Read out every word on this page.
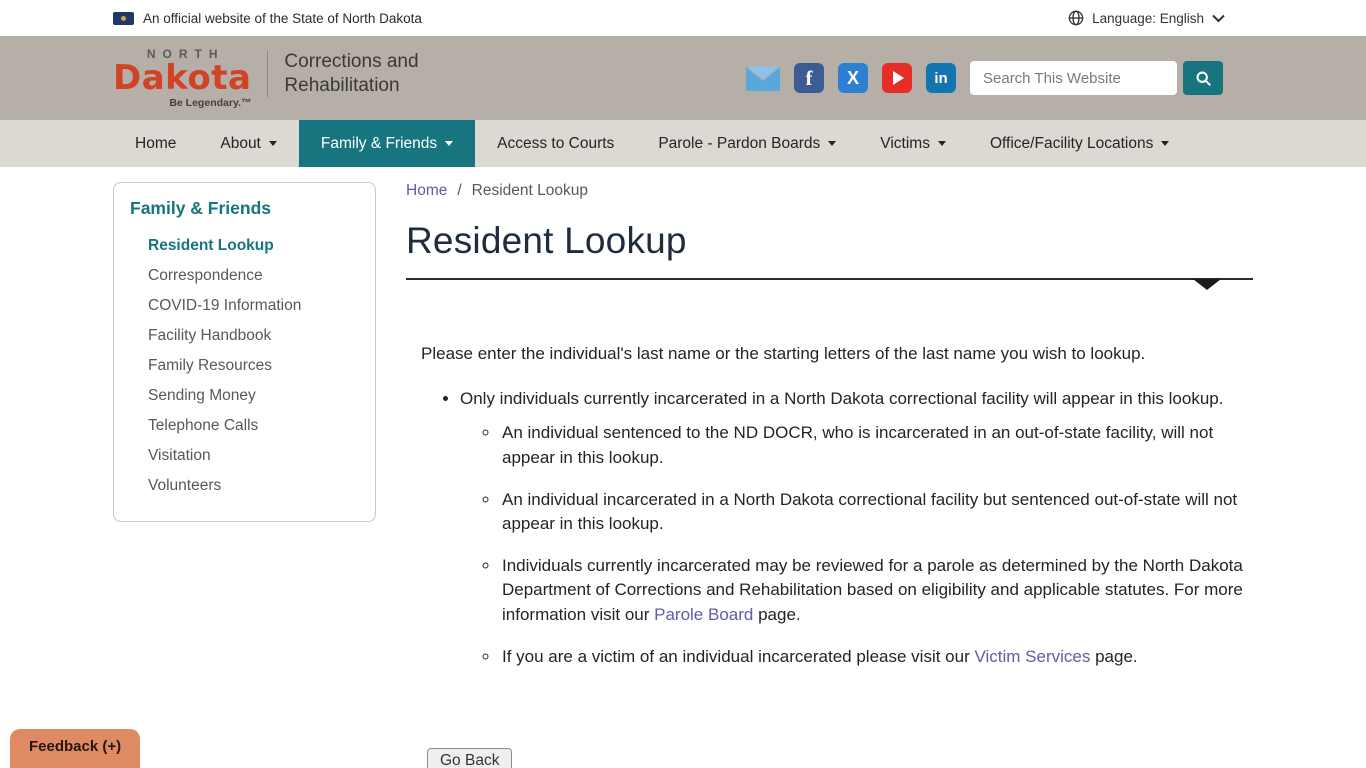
An official website of the State of North Dakota	Language: English
NORTH
Dakota
Be Legendary.™
Corrections and
Rehabilitation	f	X	in
Search This Website
Home	About	Family & Friends	Access to Courts	Parole - Pardon Boards	Victims	Office/Facility Locations
Family & Friends
Resident Lookup
Correspondence
COVID-19 Information
Facility Handbook
Family Resources
Sending Money
Telephone Calls
Visitation
Volunteers
Home / Resident Lookup
Resident Lookup

Please enter the individual's last name or the starting letters of the last name you wish to lookup.

• Only individuals currently incarcerated in a North Dakota correctional facility will appear in this lookup.
◦ An individual sentenced to the ND DOCR, who is incarcerated in an out-of-state facility, will not appear in this lookup.
◦ An individual incarcerated in a North Dakota correctional facility but sentenced out-of-state will not appear in this lookup.
◦ Individuals currently incarcerated may be reviewed for a parole as determined by the North Dakota Department of Corrections and Rehabilitation based on eligibility and applicable statutes. For more information visit our Parole Board page.
◦ If you are a victim of an individual incarcerated please visit our Victim Services page.
Go Back
Feedback (+)
